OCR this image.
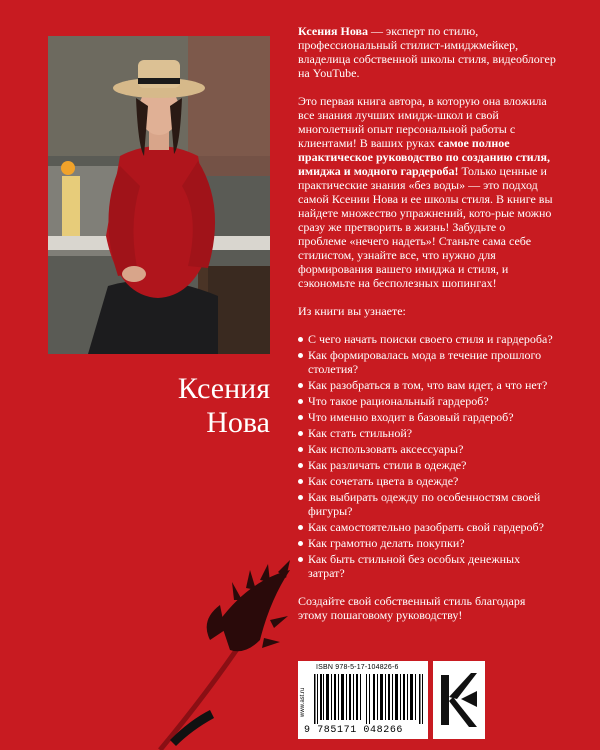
Ксения
Нова

Ксения Нова — эксперт по стилю, профессиональный стилист-имиджмейкер, владелица собственной школы стиля, видеоблогер на YouTube.

Это первая книга автора, в которую она вложила все знания лучших имидж-школ и свой многолетний опыт персональной работы с клиентами! В ваших руках самое полное практическое руководство по созданию стиля, имиджа и модного гардероба! Только ценные и практические знания «без воды» — это подход самой Ксении Нова и ее школы стиля. В книге вы найдете множество упражнений, кото-рые можно сразу же претворить в жизнь! Забудьте о проблеме «нечего надеть»! Станьте сама себе стилистом, узнайте все, что нужно для формирования вашего имиджа и стиля, и сэкономьте на бесполезных шопингах!

Из книги вы узнаете:

С чего начать поиски своего стиля и гардероба?
Как формировалась мода в течение прошлого столетия?
Как разобраться в том, что вам идет, а что нет?
Что такое рациональный гардероб?
Что именно входит в базовый гардероб?
Как стать стильной?
Как использовать аксессуары?
Как различать стили в одежде?
Как сочетать цвета в одежде?
Как выбирать одежду по особенностям своей фигуры?
Как самостоятельно разобрать свой гардероб?
Как грамотно делать покупки?
Как быть стильной без особых денежных затрат?

Создайте свой собственный стиль благодаря этому пошаговому руководству!

ISBN 978-5-17-104826-6
www.ast.ru
9 785171 048266
